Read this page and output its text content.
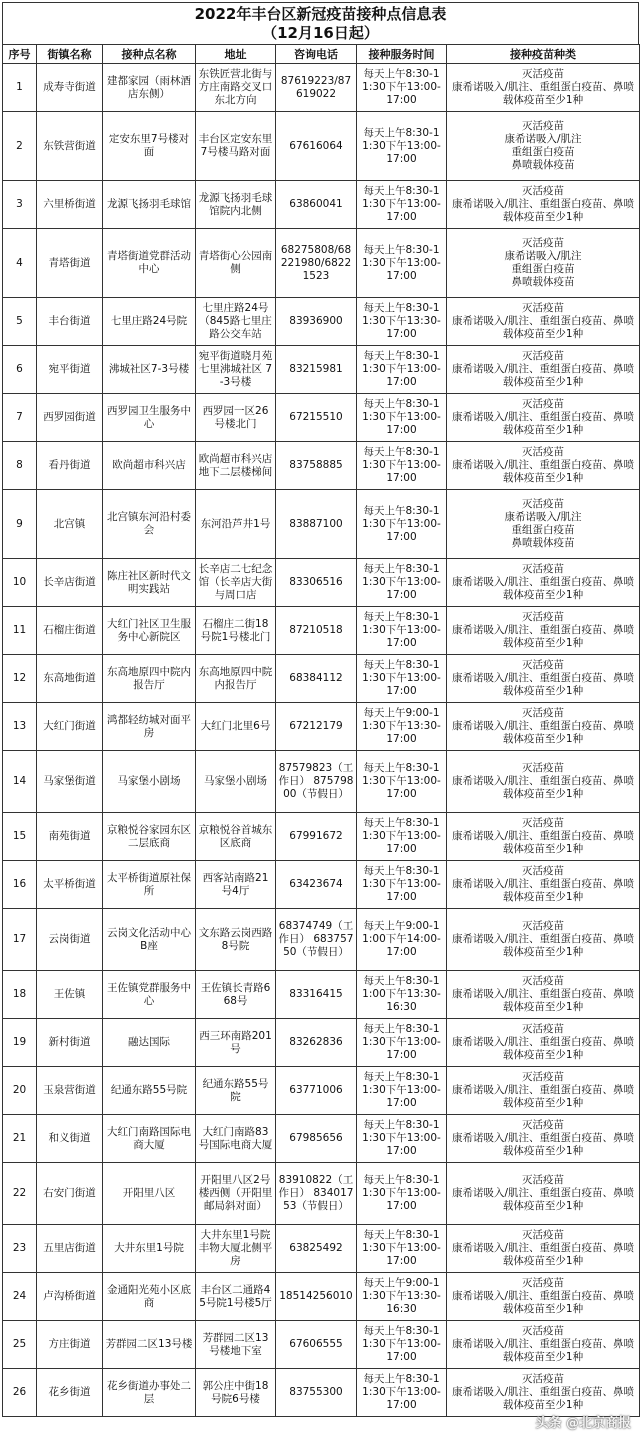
2022年丰台区新冠疫苗接种点信息表
（12月16日起）
序号	街镇名称	接种点名称	地址	咨询电话	接种服务时间	接种疫苗种类
1	成寿寺街道	建都家园（雨林酒店东侧）	东铁匠营北街与方庄南路交叉口东北方向	87619223/87619022	每天上午8:30-11:30下午13:00-17:00	灭活疫苗
康希诺吸入/肌注、重组蛋白疫苗、鼻喷载体疫苗至少1种

2	东铁营街道	定安东里7号楼对面	丰台区定安东里7号楼马路对面	67616064	每天上午8:30-11:30下午13:00-17:00	灭活疫苗
康希诺吸入/肌注
重组蛋白疫苗
鼻喷载体疫苗

3	六里桥街道	龙源飞扬羽毛球馆	龙源飞扬羽毛球馆院内北侧	63860041	每天上午8:30-11:30下午13:00-17:00	灭活疫苗
康希诺吸入/肌注、重组蛋白疫苗、鼻喷载体疫苗至少1种

4	青塔街道	青塔街道党群活动中心	青塔街心公园南侧	68275808/68221980/68221523	每天上午8:30-11:30下午13:00-17:00	灭活疫苗
康希诺吸入/肌注
重组蛋白疫苗
鼻喷载体疫苗

5	丰台街道	七里庄路24号院	七里庄路24号（845路七里庄路公交车站	83936900	每天上午8:30-11:30下午13:30-17:00	灭活疫苗
康希诺吸入/肌注、重组蛋白疫苗、鼻喷载体疫苗至少1种

6	宛平街道	沸城社区7-3号楼	宛平街道晓月苑七里沸城社区 7-3号楼	83215981	每天上午8:30-11:30下午13:00-17:00	灭活疫苗
康希诺吸入/肌注、重组蛋白疫苗、鼻喷载体疫苗至少1种

7	西罗园街道	西罗园卫生服务中心	西罗园一区26号楼北门	67215510	每天上午8:30-11:30下午13:00-17:00	灭活疫苗
康希诺吸入/肌注、重组蛋白疫苗、鼻喷载体疫苗至少1种

8	看丹街道	欧尚超市科兴店	欧尚超市科兴店地下二层楼梯间	83758885	每天上午8:30-11:30下午13:00-17:00	灭活疫苗
康希诺吸入/肌注、重组蛋白疫苗、鼻喷载体疫苗至少1种

9	北宫镇	北宫镇东河沿村委会	东河沿芦井1号	83887100	每天上午8:30-11:30下午13:00-17:00	灭活疫苗
康希诺吸入/肌注
重组蛋白疫苗
鼻喷载体疫苗

10	长辛店街道	陈庄社区新时代文明实践站	长辛店二七纪念馆（长辛店大街与周口店	83306516	每天上午8:30-11:30下午13:00-17:00	灭活疫苗
康希诺吸入/肌注、重组蛋白疫苗、鼻喷载体疫苗至少1种

11	石榴庄街道	大红门社区卫生服务中心新院区	石榴庄二街18号院1号楼北门	87210518	每天上午8:30-11:30下午13:00-17:00	灭活疫苗
康希诺吸入/肌注、重组蛋白疫苗、鼻喷载体疫苗至少1种

12	东高地街道	东高地原四中院内报告厅	东高地原四中院内报告厅	68384112	每天上午8:30-11:30下午13:00-17:00	灭活疫苗
康希诺吸入/肌注、重组蛋白疫苗、鼻喷载体疫苗至少1种

13	大红门街道	鸿都轻纺城对面平房	大红门北里6号	67212179	每天上午9:00-11:30下午13:30-17:00	灭活疫苗
康希诺吸入/肌注、重组蛋白疫苗、鼻喷载体疫苗至少1种

14	马家堡街道	马家堡小剧场	马家堡小剧场	87579823（工作日） 87579800（节假日）	每天上午8:30-11:30下午13:00-17:00	灭活疫苗
康希诺吸入/肌注、重组蛋白疫苗、鼻喷载体疫苗至少1种

15	南苑街道	京粮悦谷家园东区二层底商	京粮悦谷首城东区底商	67991672	每天上午8:30-11:30下午13:00-17:00	灭活疫苗
康希诺吸入/肌注、重组蛋白疫苗、鼻喷载体疫苗至少1种

16	太平桥街道	太平桥街道原社保所	西客站南路21号4厅	63423674	每天上午8:30-11:30下午13:00-17:00	灭活疫苗
康希诺吸入/肌注、重组蛋白疫苗、鼻喷载体疫苗至少1种

17	云岗街道	云岗文化活动中心B座	文东路云岗西路8号院	68374749（工作日） 68375750（节假日）	每天上午9:00-11:00下午14:00-17:00	灭活疫苗
康希诺吸入/肌注、重组蛋白疫苗、鼻喷载体疫苗至少1种

18	王佐镇	王佐镇党群服务中心	王佐镇长青路668号	83316415	每天上午8:30-11:00下午13:30-16:30	灭活疫苗
康希诺吸入/肌注、重组蛋白疫苗、鼻喷载体疫苗至少1种

19	新村街道	融达国际	西三环南路201号	83262836	每天上午8:30-11:30下午13:00-17:00	灭活疫苗
康希诺吸入/肌注、重组蛋白疫苗、鼻喷载体疫苗至少1种

20	玉泉营街道	纪通东路55号院	纪通东路55号院	63771006	每天上午8:30-11:30下午13:00-17:00	灭活疫苗
康希诺吸入/肌注、重组蛋白疫苗、鼻喷载体疫苗至少1种

21	和义街道	大红门南路国际电商大厦	大红门南路83号国际电商大厦	67985656	每天上午8:30-11:30下午13:00-17:00	灭活疫苗
康希诺吸入/肌注、重组蛋白疫苗、鼻喷载体疫苗至少1种

22	右安门街道	开阳里八区	开阳里八区2号楼西侧（开阳里邮局斜对面）	83910822（工作日） 83401753（节假日）	每天上午8:30-11:30下午13:00-17:00	灭活疫苗
康希诺吸入/肌注、重组蛋白疫苗、鼻喷载体疫苗至少1种

23	五里店街道	大井东里1号院	大井东里1号院丰物大厦北侧平房	63825492	每天上午8:30-11:30下午13:00-17:00	灭活疫苗
康希诺吸入/肌注、重组蛋白疫苗、鼻喷载体疫苗至少1种

24	卢沟桥街道	金通阳光苑小区底商	丰台区二通路45号院1号楼5厅	18514256010	每天上午9:00-11:30下午13:30-16:30	灭活疫苗
康希诺吸入/肌注、重组蛋白疫苗、鼻喷载体疫苗至少1种

25	方庄街道	芳群园二区13号楼	芳群园二区13号楼地下室	67606555	每天上午8:30-11:30下午13:00-17:00	灭活疫苗
康希诺吸入/肌注、重组蛋白疫苗、鼻喷载体疫苗至少1种

26	花乡街道	花乡街道办事处二层	郭公庄中街18号院6号楼	83755300	每天上午8:30-11:30下午13:00-17:00	灭活疫苗
康希诺吸入/肌注、重组蛋白疫苗、鼻喷载体疫苗至少1种
头条 @北京商报
